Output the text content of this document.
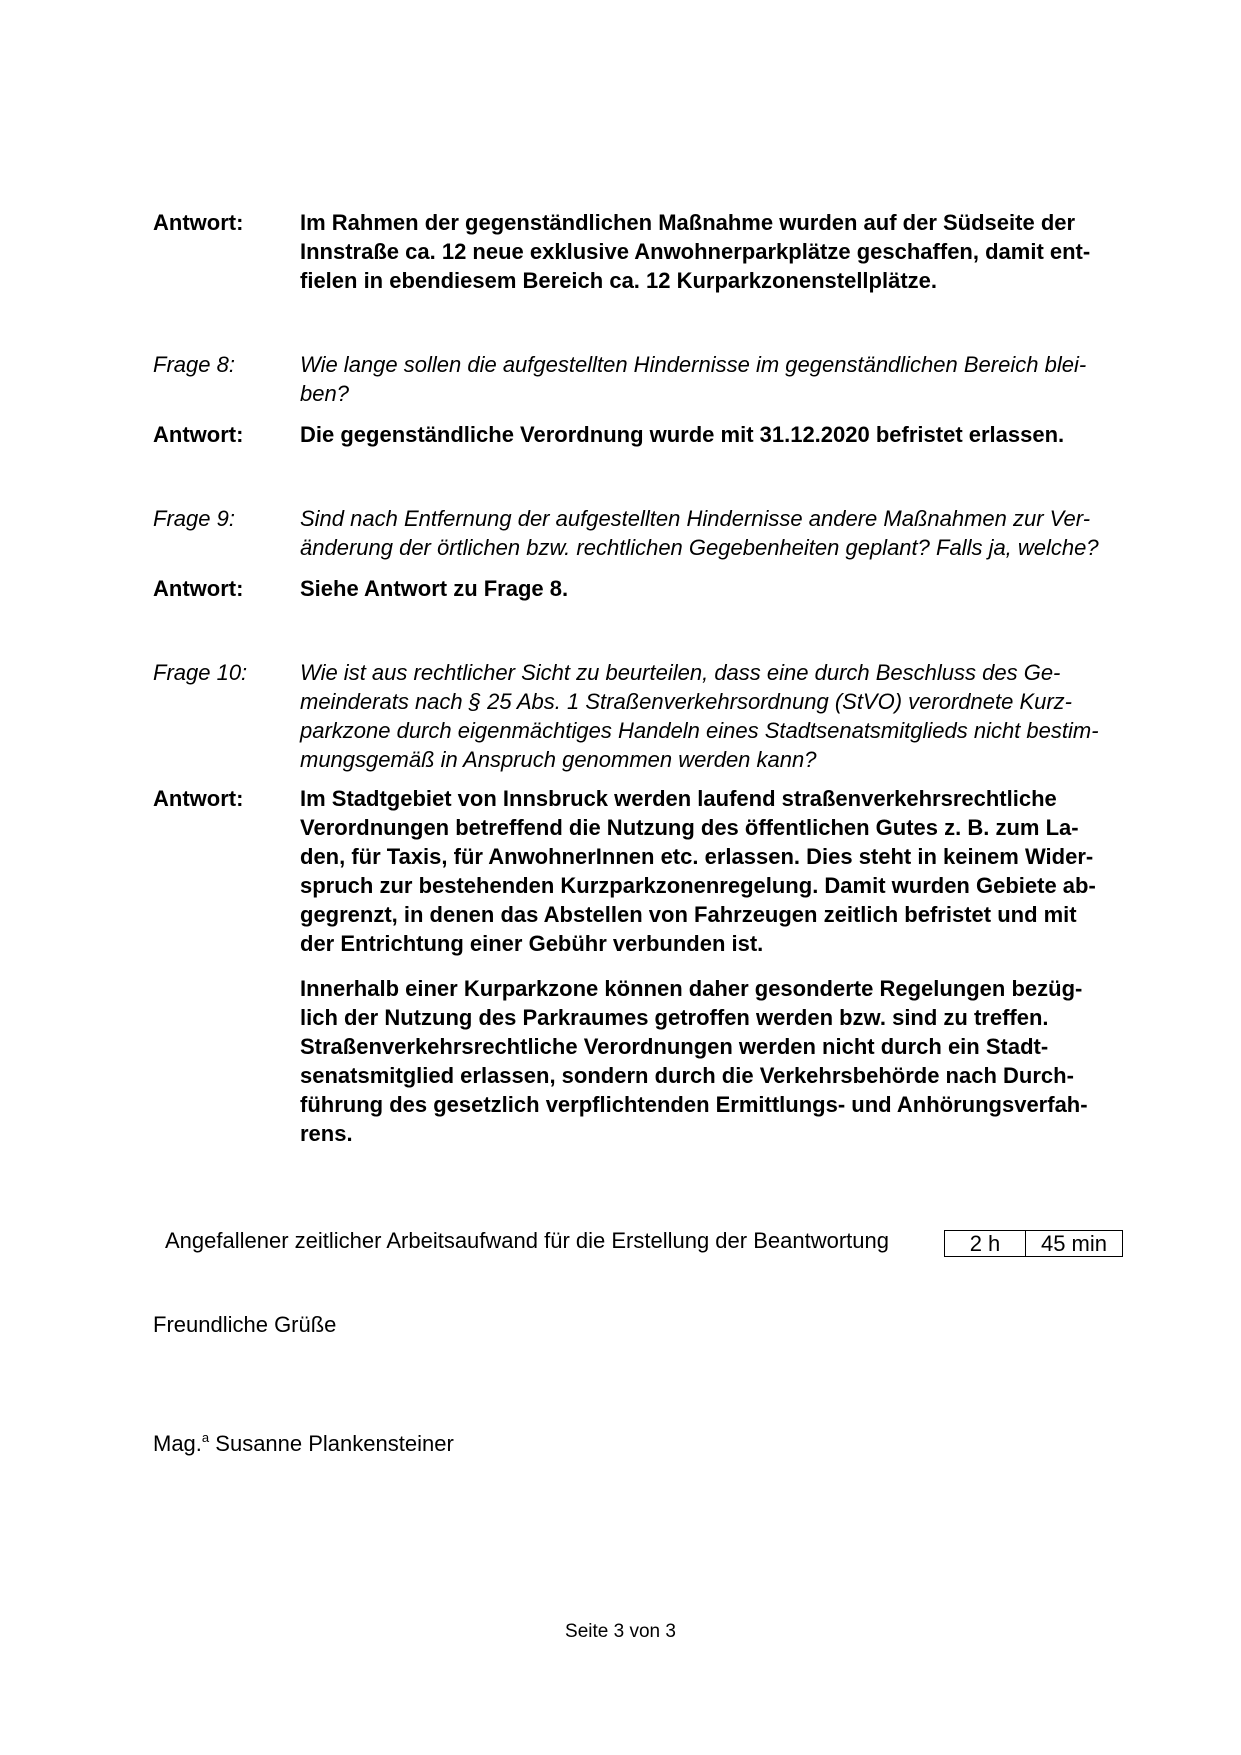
Antwort:	Im Rahmen der gegenständlichen Maßnahme wurden auf der Südseite der

Innstraße ca. 12 neue exklusive Anwohnerparkplätze geschaffen, damit ent-

fielen in ebendiesem Bereich ca. 12 Kurparkzonenstellplätze.

Frage 8:	Wie lange sollen die aufgestellten Hindernisse im gegenständlichen Bereich blei-

ben?

Antwort:	Die gegenständliche Verordnung wurde mit 31.12.2020 befristet erlassen.

Frage 9:	Sind nach Entfernung der aufgestellten Hindernisse andere Maßnahmen zur Ver-

änderung der örtlichen bzw. rechtlichen Gegebenheiten geplant? Falls ja, welche?

Antwort:	Siehe Antwort zu Frage 8.

Frage 10: Wie ist aus rechtlicher Sicht zu beurteilen, dass eine durch Beschluss des Ge-

meinderats nach § 25 Abs. 1 Straßenverkehrsordnung (StVO) verordnete Kurz-

parkzone durch eigenmächtiges Handeln eines Stadtsenatsmitglieds nicht bestim-

mungsgemäß in Anspruch genommen werden kann?

Antwort:	Im Stadtgebiet von Innsbruck werden laufend straßenverkehrsrechtliche

Verordnungen betreffend die Nutzung des öffentlichen Gutes z. B. zum La-

den, für Taxis, für AnwohnerInnen etc. erlassen. Dies steht in keinem Wider-

spruch zur bestehenden Kurzparkzonenregelung. Damit wurden Gebiete ab-

gegrenzt, in denen das Abstellen von Fahrzeugen zeitlich befristet und mit

der Entrichtung einer Gebühr verbunden ist.

Innerhalb einer Kurparkzone können daher gesonderte Regelungen bezüg-

lich der Nutzung des Parkraumes getroffen werden bzw. sind zu treffen.

Straßenverkehrsrechtliche Verordnungen werden nicht durch ein Stadt-

senatsmitglied erlassen, sondern durch die Verkehrsbehörde nach Durch-

führung des gesetzlich verpflichtenden Ermittlungs- und Anhörungsverfah-

rens.

Angefallener zeitlicher Arbeitsaufwand für die Erstellung der Beantwortung	2 h	45 min
Freundliche Grüße
Mag.$^a$ Susanne Plankensteiner
Seite 3 von 3
